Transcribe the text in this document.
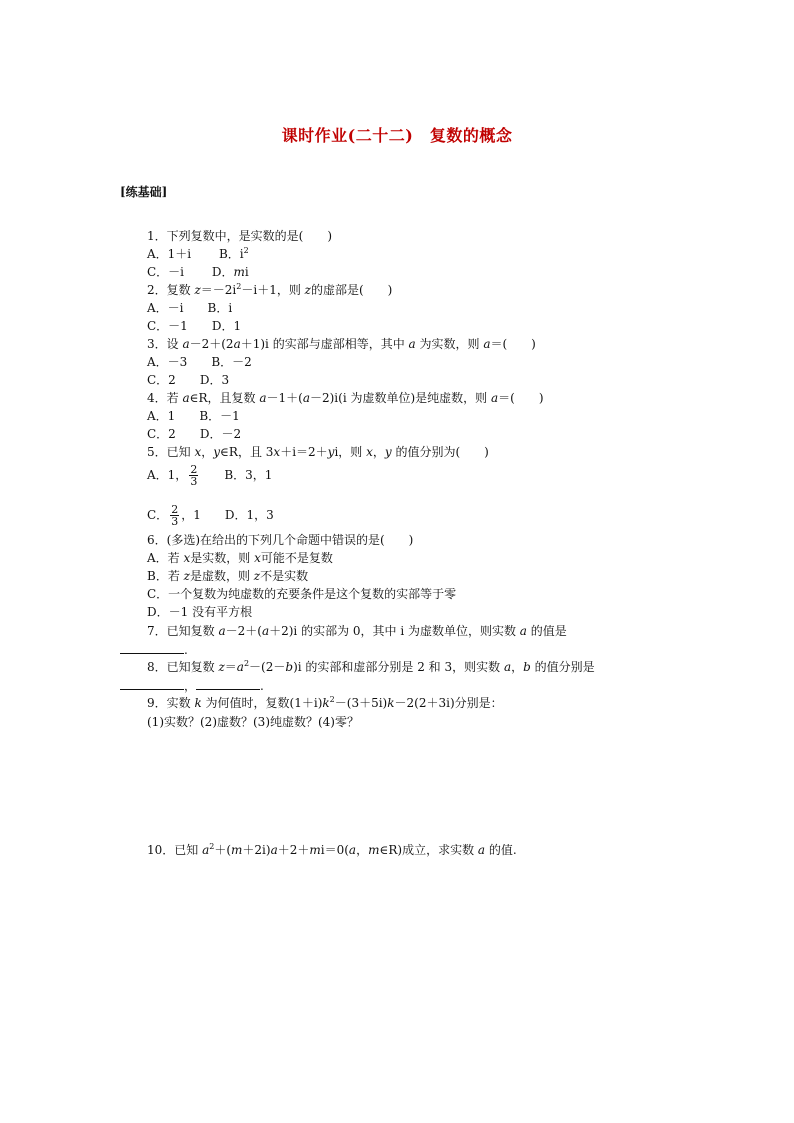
课时作业(二十二)　复数的概念
[练基础]
1．下列复数中，是实数的是(　　)
A．1＋i　　 B．$i^2$
C．－i　　 D．mi
2．复数 $z=-2i^2-i+1$，则 z的虚部是(　　)
A．－i　　 B．i
C．－1　　 D．1
3．设 a－2＋(2a＋1)i 的实部与虚部相等，其中 a 为实数，则 a＝(　　)
A．－3　　 B．－2
C．2　　 D．3
4．若 a∈R，且复数 a－1＋(a－2)i(i 为虚数单位)是纯虚数，则 a＝(　　)
A．1　　 B．－1
C．2　　 D．－2
5．已知 x，y∈R，且 3x＋i＝2＋yi，则 x，y 的值分别为(　　)
A．1， $\frac{2}{3}$
　　 B．3，1
C． $\frac{2}{3}$ ，1　　 D．1，3
6．(多选)在给出的下列几个命题中错误的是(　　)
A．若 x是实数，则 x可能不是复数
B．若 z是虚数，则 z不是实数
C．一个复数为纯虚数的充要条件是这个复数的实部等于零
D．－1 没有平方根
7．已知复数 a－2＋(a＋2)i 的实部为 0，其中 i 为虚数单位，则实数 a 的值是
.
8．已知复数 $z=a^2-(2-b)i$ 的实部和虚部分别是 2 和 3，则实数 a，b 的值分别是
，	.
9．实数 k 为何值时，复数$(1+i)k^2-(3+5i)k-2(2+3i)$分别是：
(1)实数？(2)虚数？(3)纯虚数？(4)零？
10．已知 $a^2+(m+2i)a+2+mi=0(a$，m∈R)成立，求实数 a 的值.
